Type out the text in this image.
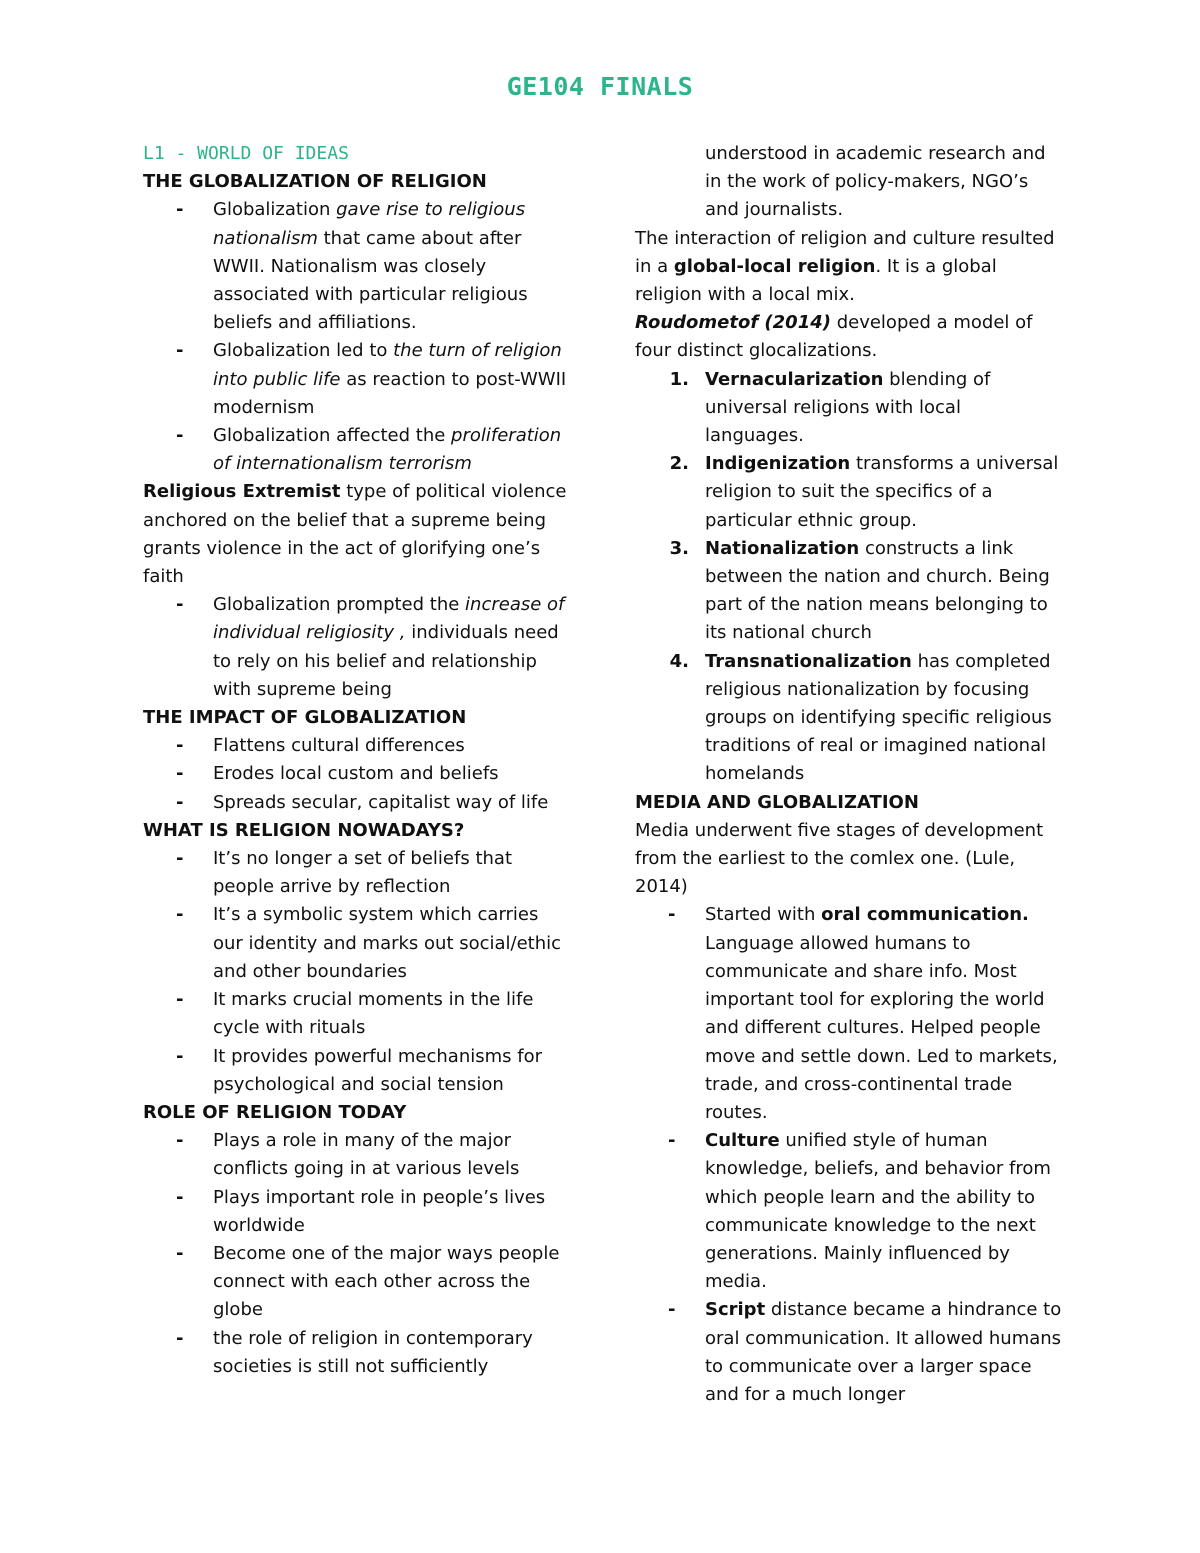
GE104 FINALS
L1 - WORLD OF IDEAS
THE GLOBALIZATION OF RELIGION
- Globalization gave rise to religious nationalism that came about after WWII. Nationalism was closely associated with particular religious beliefs and affiliations.
- Globalization led to the turn of religion into public life as reaction to post-WWII modernism
- Globalization affected the proliferation of internationalism terrorism

Religious Extremist type of political violence anchored on the belief that a supreme being grants violence in the act of glorifying one’s faith

- Globalization prompted the increase of individual religiosity , individuals need to rely on his belief and relationship with supreme being
THE IMPACT OF GLOBALIZATION
- Flattens cultural differences
- Erodes local custom and beliefs
- Spreads secular, capitalist way of life
WHAT IS RELIGION NOWADAYS?
- It’s no longer a set of beliefs that people arrive by reflection
- It’s a symbolic system which carries our identity and marks out social/ethic and other boundaries
- It marks crucial moments in the life cycle with rituals
- It provides powerful mechanisms for psychological and social tension
ROLE OF RELIGION TODAY
- Plays a role in many of the major conflicts going in at various levels
- Plays important role in people’s lives worldwide
- Become one of the major ways people connect with each other across the globe
- the role of religion in contemporary societies is still not sufficiently
understood in academic research and in the work of policy-makers, NGO’s and journalists.

The interaction of religion and culture resulted in a global-local religion. It is a global religion with a local mix.

Roudometof (2014) developed a model of four distinct glocalizations.

1. Vernacularization blending of universal religions with local languages.
2. Indigenization transforms a universal religion to suit the specifics of a particular ethnic group.
3. Nationalization constructs a link between the nation and church. Being part of the nation means belonging to its national church
4. Transnationalization has completed religious nationalization by focusing groups on identifying specific religious traditions of real or imagined national homelands
MEDIA AND GLOBALIZATION

Media underwent five stages of development from the earliest to the comlex one. (Lule, 2014)

- Started with oral communication. Language allowed humans to communicate and share info. Most important tool for exploring the world and different cultures. Helped people move and settle down. Led to markets, trade, and cross-continental trade routes.
- Culture unified style of human knowledge, beliefs, and behavior from which people learn and the ability to communicate knowledge to the next generations. Mainly influenced by media.
- Script distance became a hindrance to oral communication. It allowed humans to communicate over a larger space and for a much longer
